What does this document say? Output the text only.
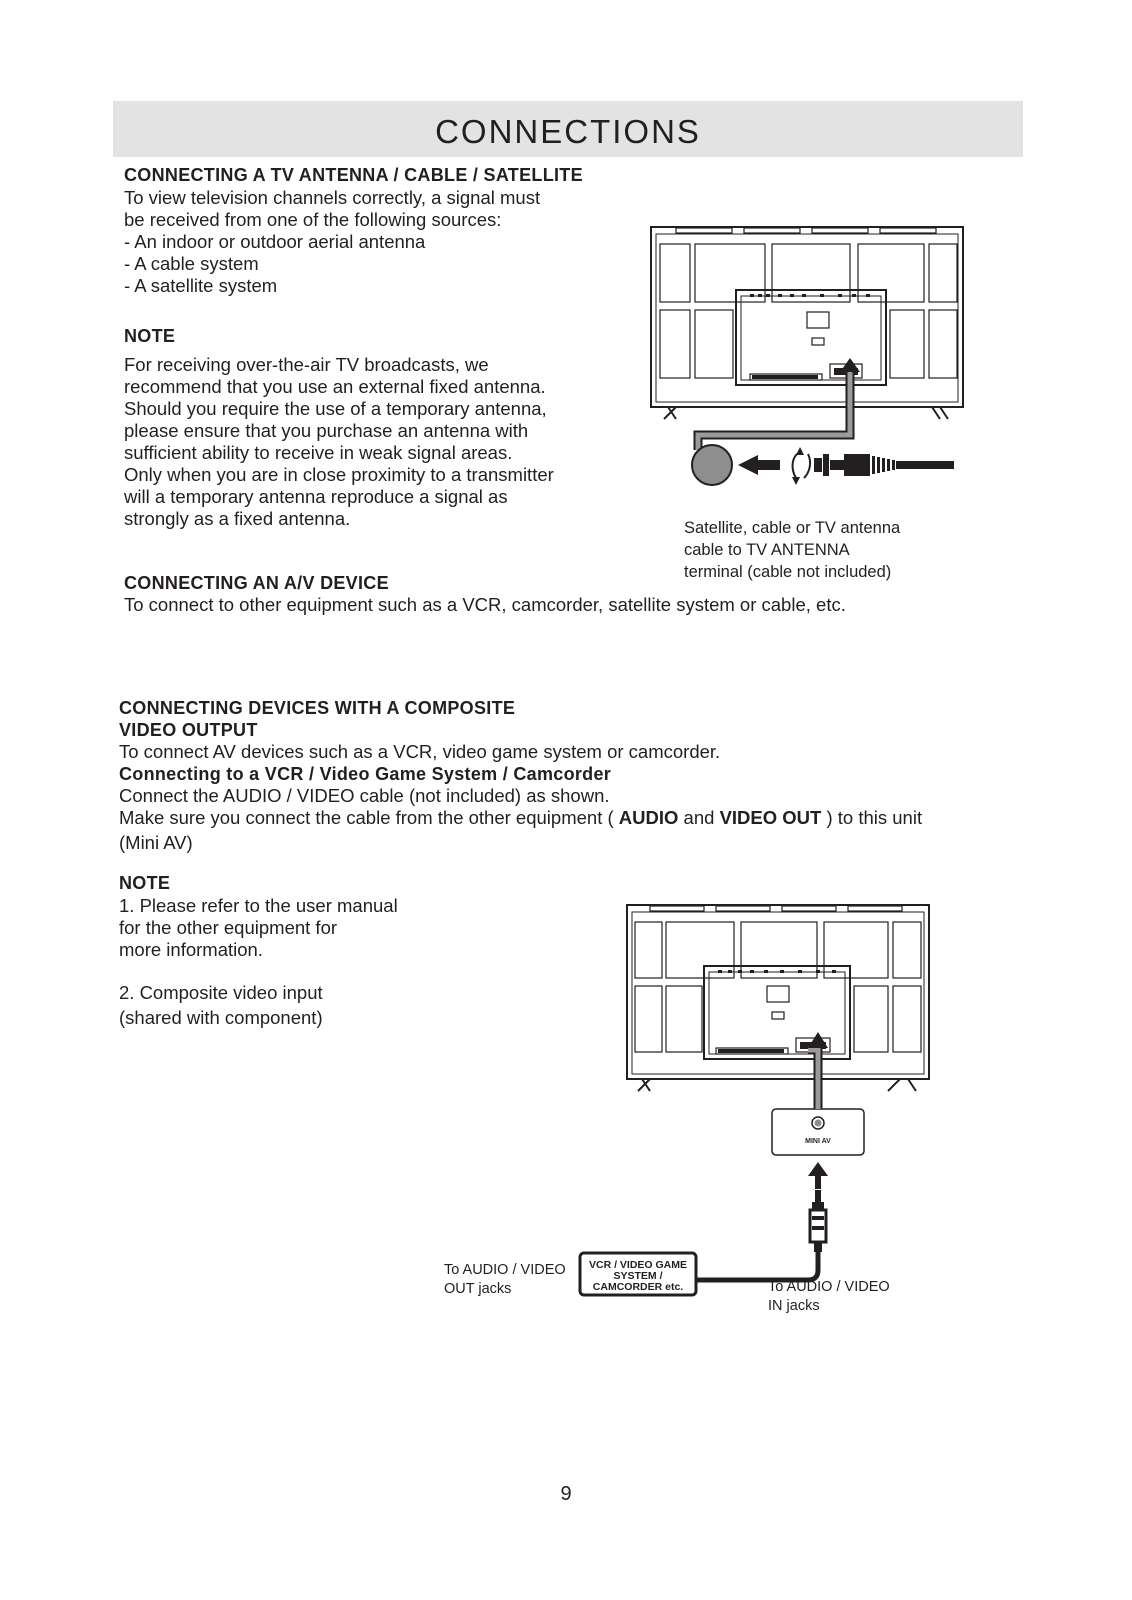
CONNECTIONS
CONNECTING A TV ANTENNA / CABLE / SATELLITE
To view television channels correctly, a signal must
be received from one of the following sources:
- An indoor or outdoor aerial antenna
- A cable system
- A satellite system
NOTE
For receiving over-the-air TV broadcasts, we
recommend that you use an external fixed antenna.
Should you require the use of a temporary antenna,
please ensure that you purchase an antenna with
sufficient ability to receive in weak signal areas.
Only when you are in close proximity to a transmitter
will a temporary antenna reproduce a signal as
strongly as a fixed antenna.	Satellite, cable or TV antenna
cable to TV ANTENNA
terminal (cable not included)
CONNECTING AN A/V DEVICE
To connect to other equipment such as a VCR, camcorder, satellite system or cable, etc.
CONNECTING DEVICES WITH A COMPOSITE
VIDEO OUTPUT
To connect AV devices such as a VCR, video game system or camcorder.
Connecting to a VCR / Video Game System / Camcorder
Connect the AUDIO / VIDEO cable (not included) as shown.
Make sure you connect the cable from the other equipment ( AUDIO and VIDEO OUT ) to this unit
(Mini AV)
NOTE
1. Please refer to the user manual
for the other equipment for
more information.
2. Composite video input
(shared with component)
MINI AV
VCR / VIDEO GAME
SYSTEM /
CAMCORDER etc.
To AUDIO / VIDEO
OUT jacks	To AUDIO / VIDEO
IN jacks
9
